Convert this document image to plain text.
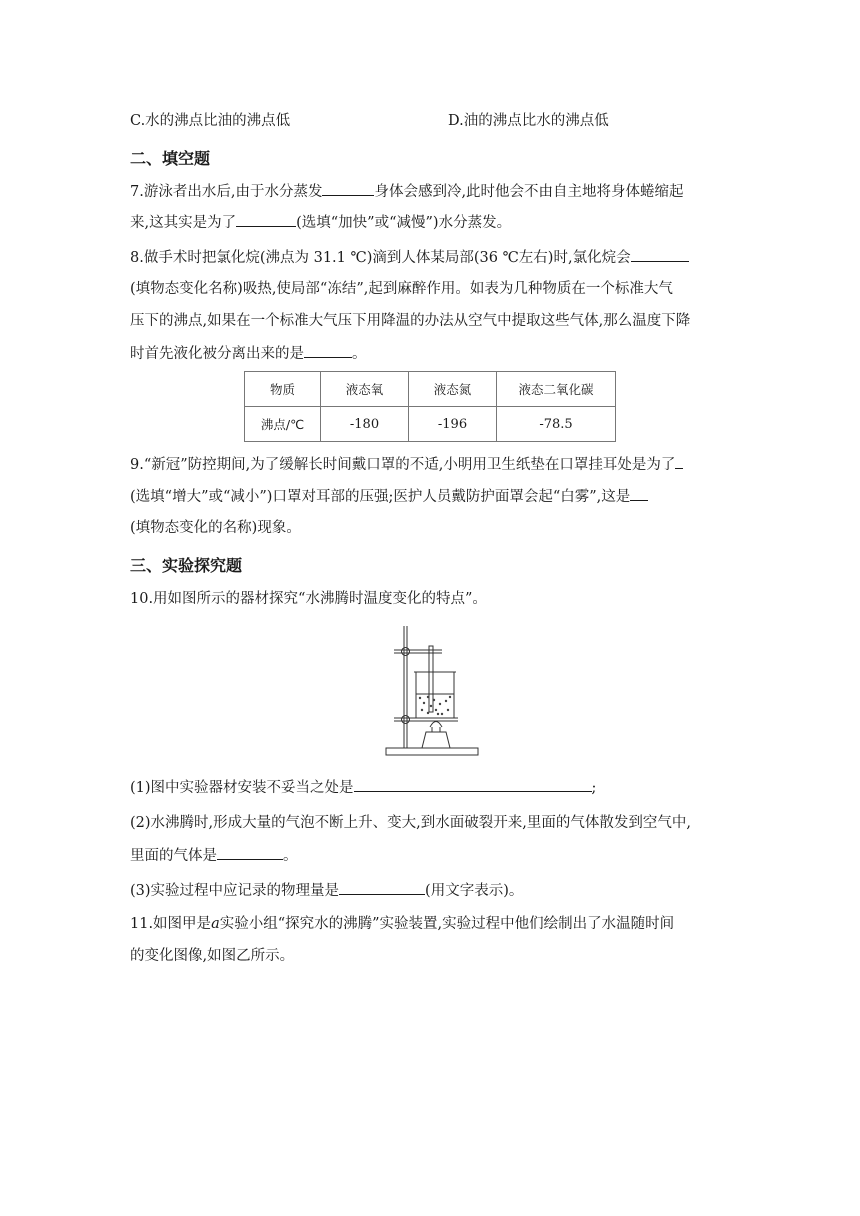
C.水的沸点比油的沸点低	D.油的沸点比水的沸点低
二、填空题
7.游泳者出水后,由于水分蒸发	身体会感到冷,此时他会不由自主地将身体蜷缩起
来,这其实是为了	(选填“加快”或“减慢”)水分蒸发。
8.做手术时把氯化烷(沸点为 31.1 ℃)滴到人体某局部(36 ℃左右)时,氯化烷会
(填物态变化名称)吸热,使局部“冻结”,起到麻醉作用。如表为几种物质在一个标准大气
压下的沸点,如果在一个标准大气压下用降温的办法从空气中提取这些气体,那么温度下降
时首先液化被分离出来的是	。
物质	液态氧	液态氮	液态二氧化碳
沸点/℃	-180	-196	-78.5
9.“新冠”防控期间,为了缓解长时间戴口罩的不适,小明用卫生纸垫在口罩挂耳处是为了
(选填“增大”或“减小”)口罩对耳部的压强;医护人员戴防护面罩会起“白雾”,这是
(填物态变化的名称)现象。
三、实验探究题
10.用如图所示的器材探究“水沸腾时温度变化的特点”。
(1)图中实验器材安装不妥当之处是	;
(2)水沸腾时,形成大量的气泡不断上升、变大,到水面破裂开来,里面的气体散发到空气中,
里面的气体是	。
(3)实验过程中应记录的物理量是	(用文字表示)。
11.如图甲是a实验小组“探究水的沸腾”实验装置,实验过程中他们绘制出了水温随时间
的变化图像,如图乙所示。
